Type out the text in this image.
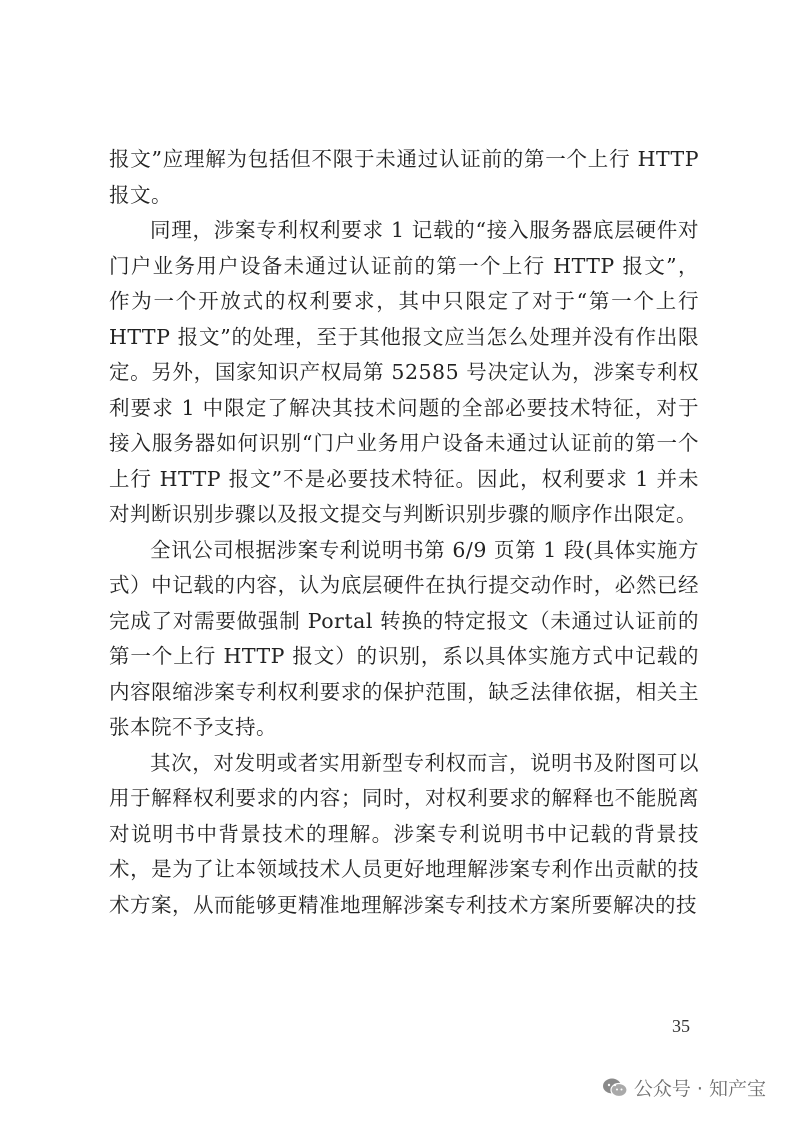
报文”应理解为包括但不限于未通过认证前的第一个上行 HTTP 报文。

同理，涉案专利权利要求 1 记载的“接入服务器底层硬件对门户业务用户设备未通过认证前的第一个上行 HTTP 报文”，作为一个开放式的权利要求，其中只限定了对于“第一个上行 HTTP 报文”的处理，至于其他报文应当怎么处理并没有作出限定。另外，国家知识产权局第 52585 号决定认为，涉案专利权利要求 1 中限定了解决其技术问题的全部必要技术特征，对于接入服务器如何识别“门户业务用户设备未通过认证前的第一个上行 HTTP 报文”不是必要技术特征。因此，权利要求 1 并未对判断识别步骤以及报文提交与判断识别步骤的顺序作出限定。

全讯公司根据涉案专利说明书第 6/9 页第 1 段(具体实施方式）中记载的内容，认为底层硬件在执行提交动作时，必然已经完成了对需要做强制 Portal 转换的特定报文（未通过认证前的第一个上行 HTTP 报文）的识别，系以具体实施方式中记载的内容限缩涉案专利权利要求的保护范围，缺乏法律依据，相关主张本院不予支持。

其次，对发明或者实用新型专利权而言，说明书及附图可以用于解释权利要求的内容；同时，对权利要求的解释也不能脱离对说明书中背景技术的理解。涉案专利说明书中记载的背景技术，是为了让本领域技术人员更好地理解涉案专利作出贡献的技术方案，从而能够更精准地理解涉案专利技术方案所要解决的技

35
公众号 · 知产宝
